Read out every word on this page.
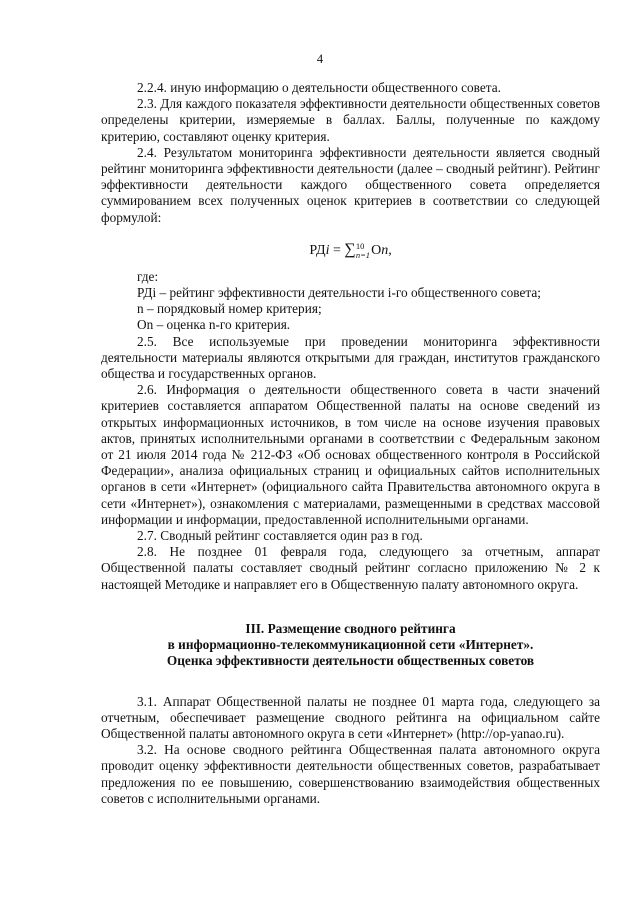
4

2.2.4. иную информацию о деятельности общественного совета.

2.3. Для каждого показателя эффективности деятельности общественных советов определены критерии, измеряемые в баллах. Баллы, полученные по каждому критерию, составляют оценку критерия.

2.4. Результатом мониторинга эффективности деятельности является сводный рейтинг мониторинга эффективности деятельности (далее – сводный рейтинг). Рейтинг эффективности деятельности каждого общественного совета определяется суммированием всех полученных оценок критериев в соответствии со следующей формулой:

РДi = ∑10
n=1Оn,

где:

РДi – рейтинг эффективности деятельности i-го общественного совета;

n – порядковый номер критерия;

Оn – оценка n-го критерия.

2.5. Все используемые при проведении мониторинга эффективности деятельности материалы являются открытыми для граждан, институтов гражданского общества и государственных органов.

2.6. Информация о деятельности общественного совета в части значений критериев составляется аппаратом Общественной палаты на основе сведений из открытых информационных источников, в том числе на основе изучения правовых актов, принятых исполнительными органами в соответствии с Федеральным законом от 21 июля 2014 года № 212-ФЗ «Об основах общественного контроля в Российской Федерации», анализа официальных страниц и официальных сайтов исполнительных органов в сети «Интернет» (официального сайта Правительства автономного округа в сети «Интернет»), ознакомления с материалами, размещенными в средствах массовой информации и информации, предоставленной исполнительными органами.

2.7. Сводный рейтинг составляется один раз в год.

2.8. Не позднее 01 февраля года, следующего за отчетным, аппарат Общественной палаты составляет сводный рейтинг согласно приложению № 2 к настоящей Методике и направляет его в Общественную палату автономного округа.

III. Размещение сводного рейтинга
в информационно-телекоммуникационной сети «Интернет».
Оценка эффективности деятельности общественных советов

3.1. Аппарат Общественной палаты не позднее 01 марта года, следующего за отчетным, обеспечивает размещение сводного рейтинга на официальном сайте Общественной палаты автономного округа в сети «Интернет» (http://op-yanao.ru).

3.2. На основе сводного рейтинга Общественная палата автономного округа проводит оценку эффективности деятельности общественных советов, разрабатывает предложения по ее повышению, совершенствованию взаимодействия общественных советов с исполнительными органами.
